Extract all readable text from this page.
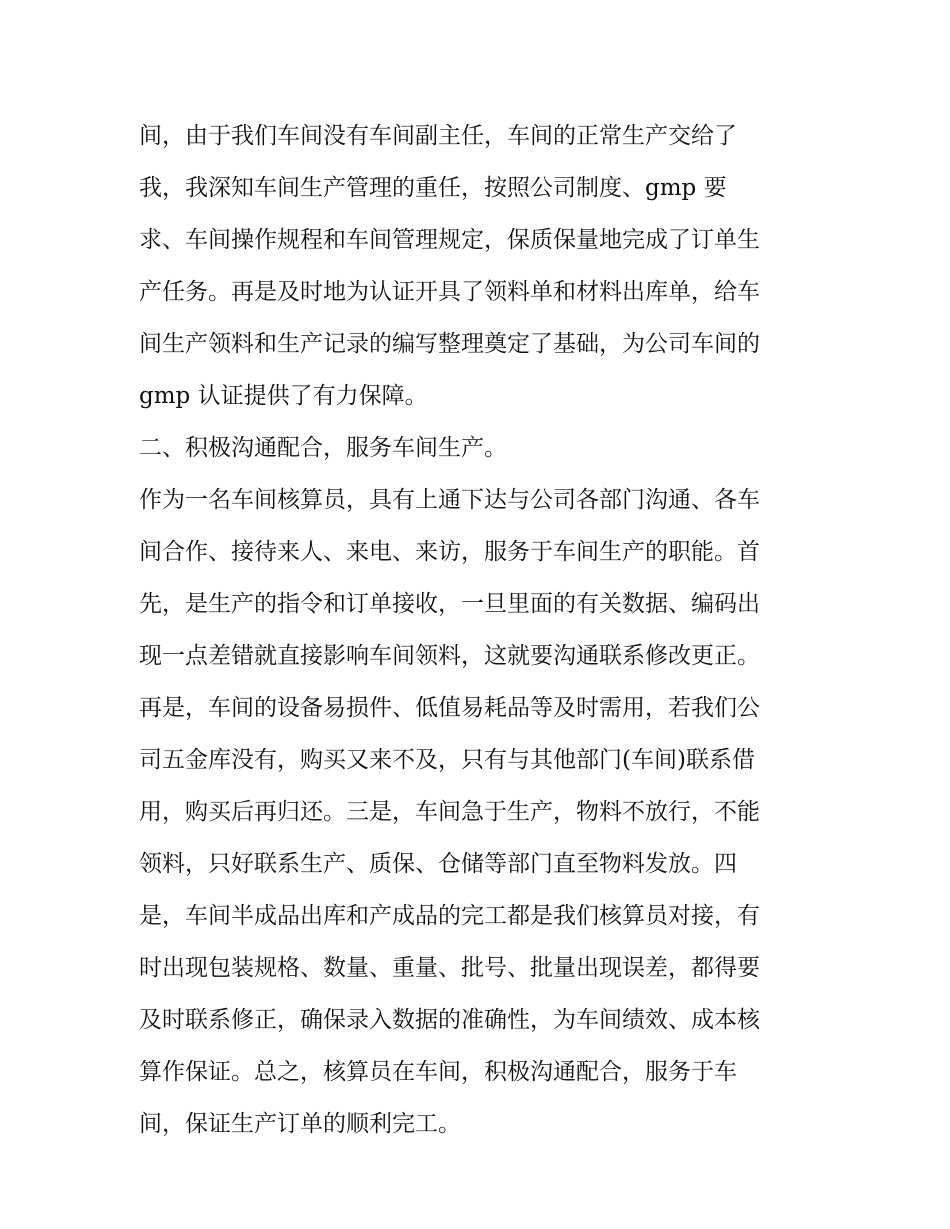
间，由于我们车间没有车间副主任，车间的正常生产交给了
我，我深知车间生产管理的重任，按照公司制度、gmp 要
求、车间操作规程和车间管理规定，保质保量地完成了订单生
产任务。再是及时地为认证开具了领料单和材料出库单，给车
间生产领料和生产记录的编写整理奠定了基础，为公司车间的
gmp 认证提供了有力保障。
二、积极沟通配合，服务车间生产。
作为一名车间核算员，具有上通下达与公司各部门沟通、各车
间合作、接待来人、来电、来访，服务于车间生产的职能。首
先，是生产的指令和订单接收，一旦里面的有关数据、编码出
现一点差错就直接影响车间领料，这就要沟通联系修改更正。
再是，车间的设备易损件、低值易耗品等及时需用，若我们公
司五金库没有，购买又来不及，只有与其他部门(车间)联系借
用，购买后再归还。三是，车间急于生产，物料不放行，不能
领料，只好联系生产、质保、仓储等部门直至物料发放。四
是，车间半成品出库和产成品的完工都是我们核算员对接，有
时出现包装规格、数量、重量、批号、批量出现误差，都得要
及时联系修正，确保录入数据的准确性，为车间绩效、成本核
算作保证。总之，核算员在车间，积极沟通配合，服务于车
间，保证生产订单的顺利完工。
